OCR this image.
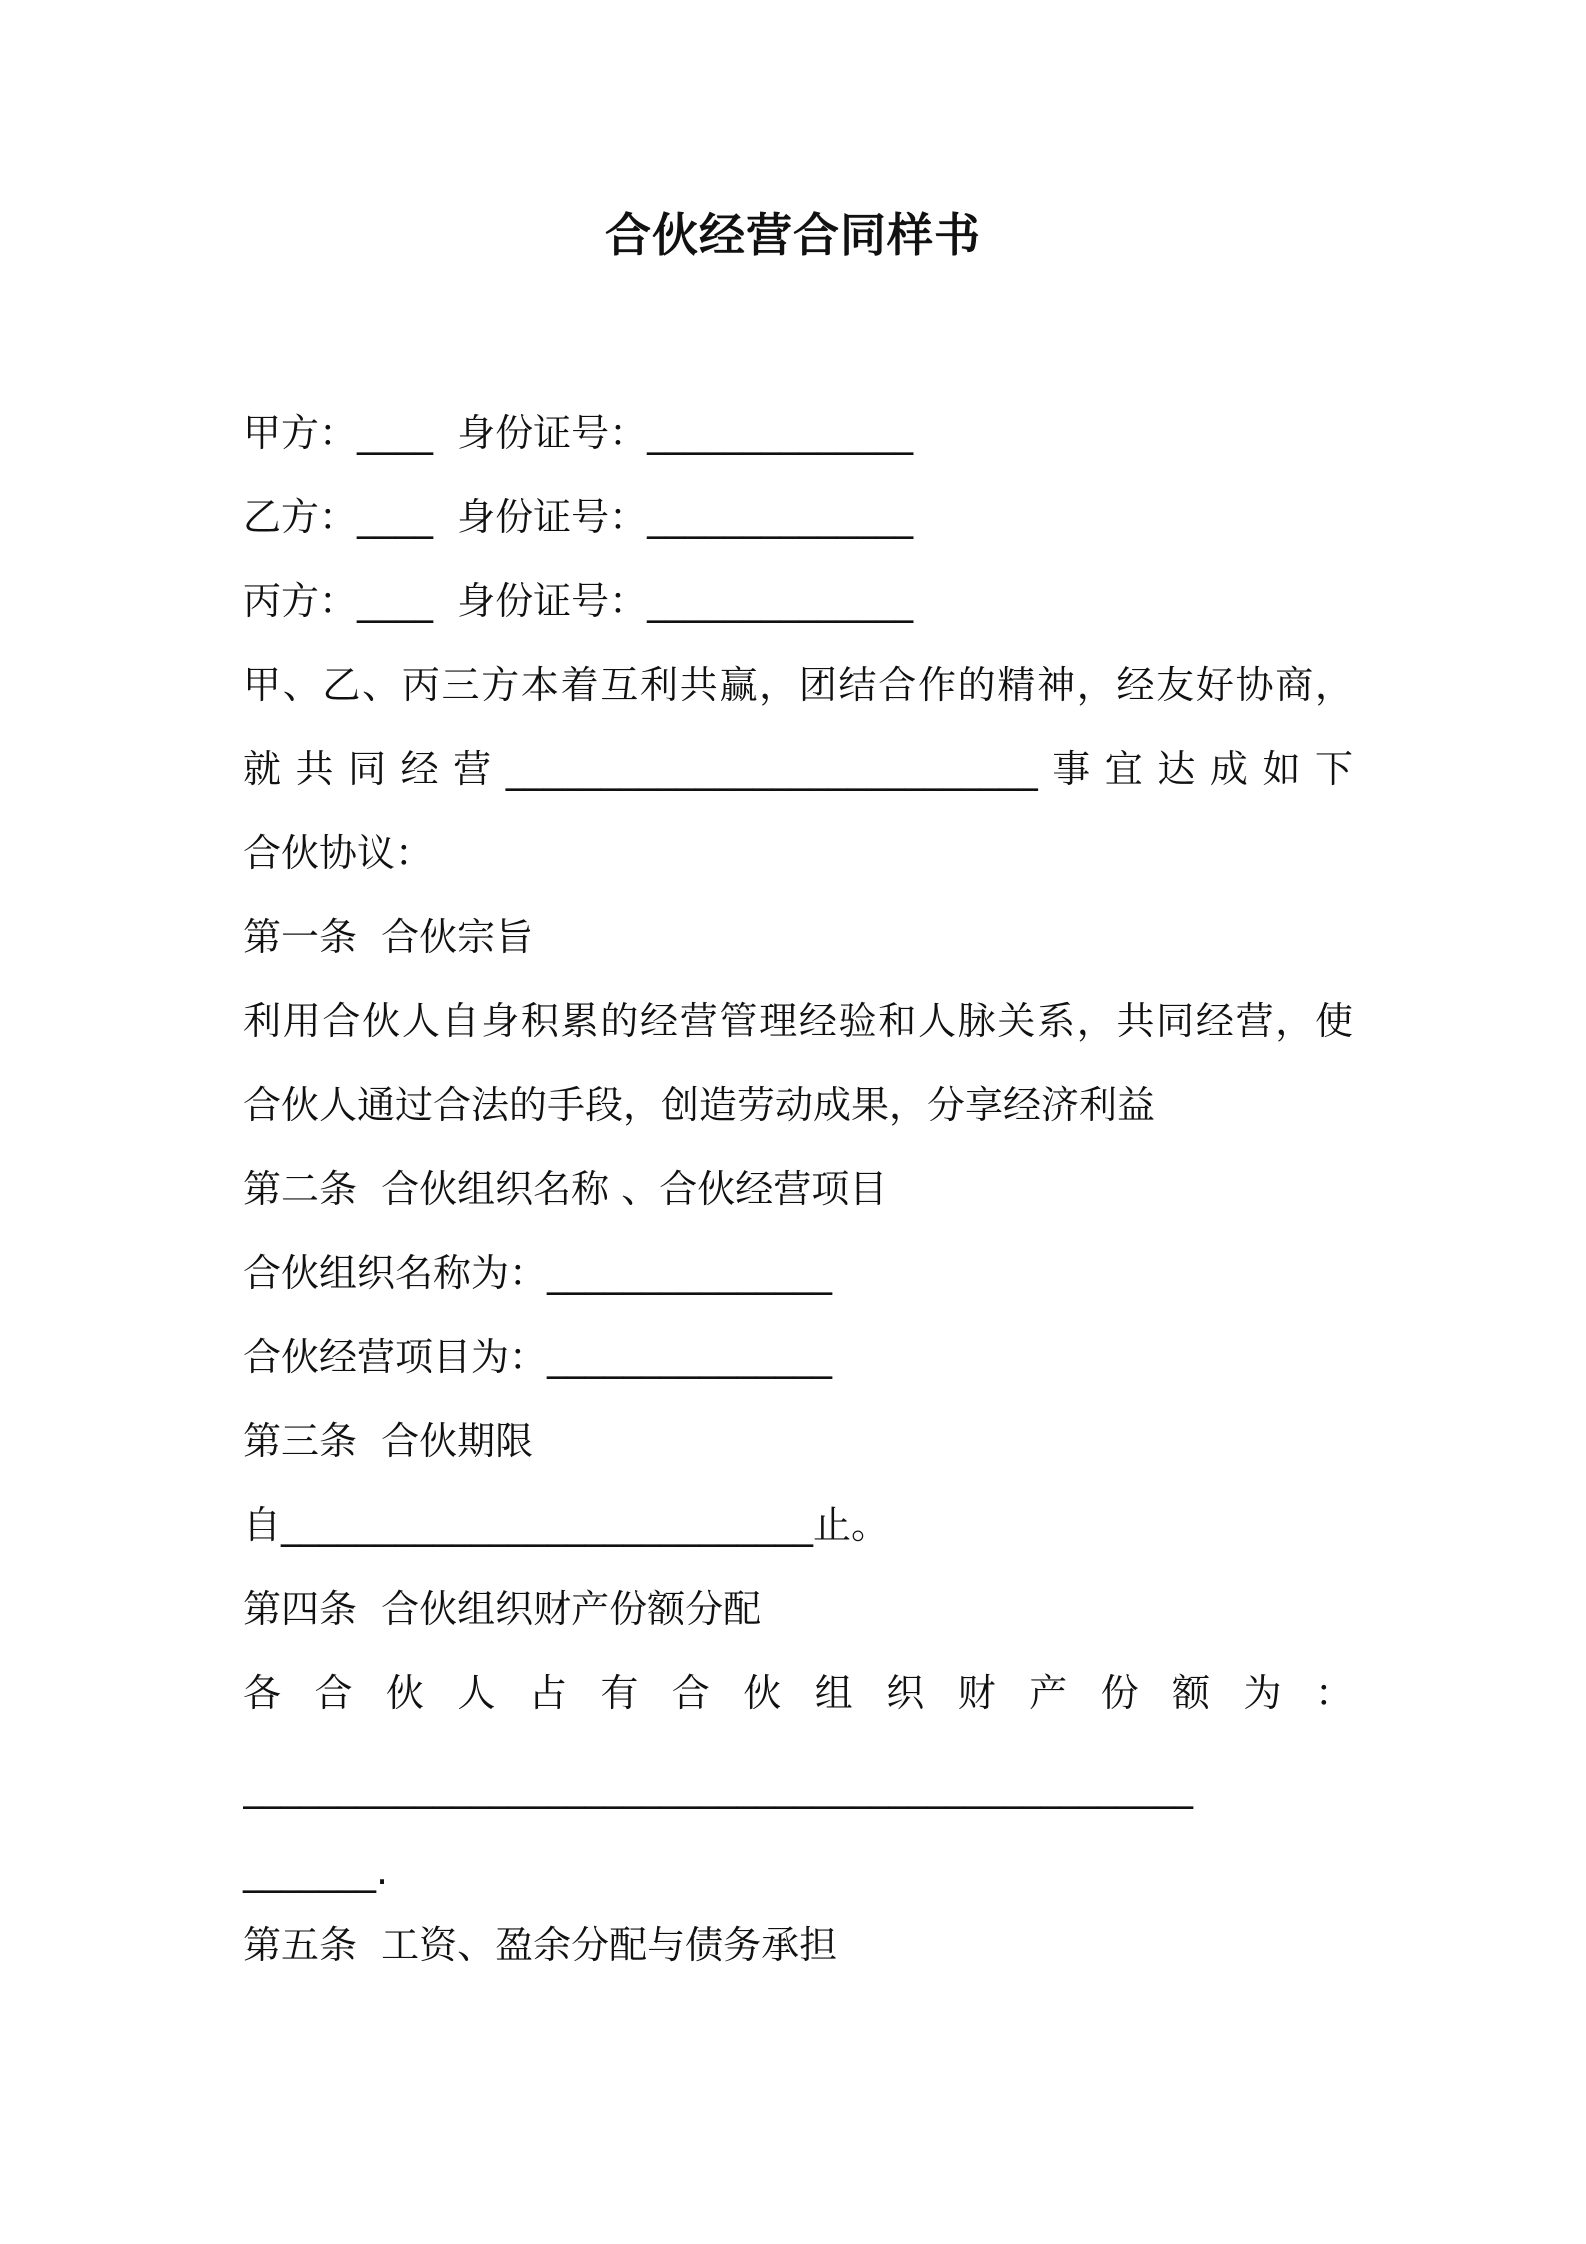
合伙经营合同样书

甲方：____  身份证号：______________

乙方：____  身份证号：______________

丙方：____  身份证号：______________

甲、乙、丙三方本着互利共赢，团结合作的精神，经友好协商，

就共同经营____________________________事宜达成如下

合伙协议：

第一条  合伙宗旨

利用合伙人自身积累的经营管理经验和人脉关系，共同经营，使

合伙人通过合法的手段，创造劳动成果，分享经济利益

第二条  合伙组织名称 、合伙经营项目

合伙组织名称为：_______________

合伙经营项目为：_______________

第三条  合伙期限

自____________________________止。

第四条  合伙组织财产份额分配

各合伙人占有合伙组织财产份额为：

__________________________________________________

_______.

第五条  工资、盈余分配与债务承担
